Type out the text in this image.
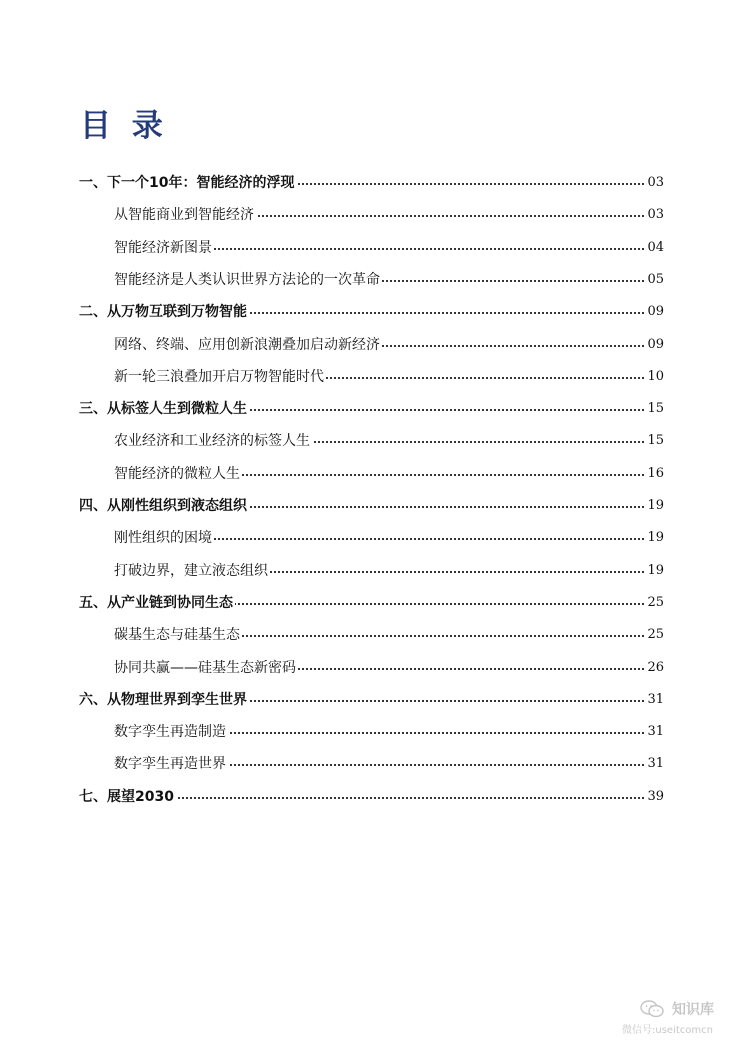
目 录
一、下一个10年：智能经济的浮现	03
从智能商业到智能经济	03
智能经济新图景	04
智能经济是人类认识世界方法论的一次革命	05
二、从万物互联到万物智能	09
网络、终端、应用创新浪潮叠加启动新经济	09
新一轮三浪叠加开启万物智能时代	10
三、从标签人生到微粒人生	15
农业经济和工业经济的标签人生	15
智能经济的微粒人生	16
四、从刚性组织到液态组织	19
刚性组织的困境	19
打破边界，建立液态组织	19
五、从产业链到协同生态	25
碳基生态与硅基生态	25
协同共赢——硅基生态新密码	26
六、从物理世界到孪生世界	31
数字孪生再造制造	31
数字孪生再造世界	31
七、展望2030	39
知识库
微信号:useitcomcn
